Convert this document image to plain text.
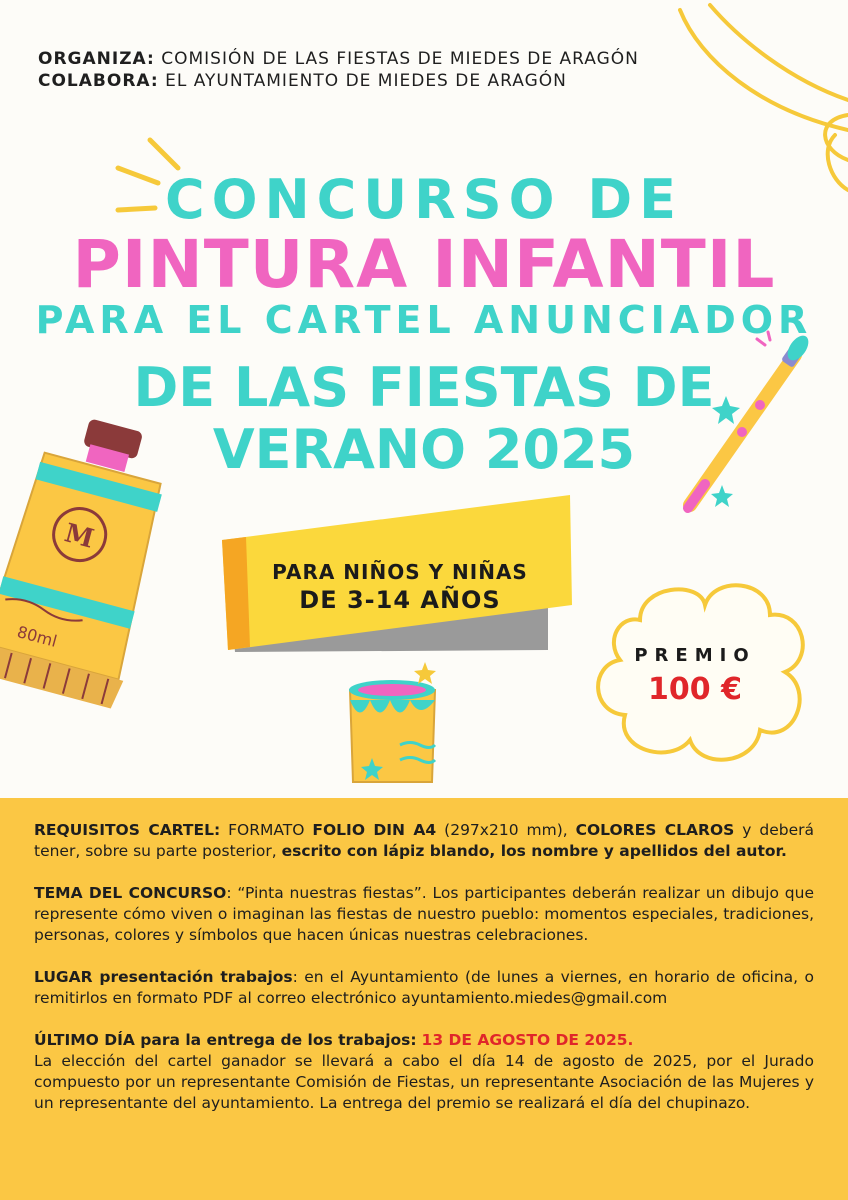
ORGANIZA: COMISIÓN DE LAS FIESTAS DE MIEDES DE ARAGÓN
COLABORA: EL AYUNTAMIENTO DE MIEDES DE ARAGÓN
CONCURSO DE
PINTURA INFANTIL
PARA EL CARTEL ANUNCIADOR
DE LAS FIESTAS DE
VERANO 2025
M
80ml
PARA NIÑOS Y NIÑAS
DE 3-14 AÑOS
PREMIO
100 €

REQUISITOS CARTEL: FORMATO FOLIO DIN A4 (297x210 mm), COLORES CLAROS y deberá tener, sobre su parte posterior, escrito con lápiz blando, los nombre y apellidos del autor.

TEMA DEL CONCURSO: “Pinta nuestras fiestas”. Los participantes deberán realizar un dibujo que represente cómo viven o imaginan las fiestas de nuestro pueblo: momentos especiales, tradiciones, personas, colores y símbolos que hacen únicas nuestras celebraciones.

LUGAR presentación trabajos: en el Ayuntamiento (de lunes a viernes, en horario de oficina, o remitirlos en formato PDF al correo electrónico ayuntamiento.miedes@gmail.com

ÚLTIMO DÍA para la entrega de los trabajos: 13 DE AGOSTO DE 2025.
La elección del cartel ganador se llevará a cabo el día 14 de agosto de 2025, por el Jurado compuesto por un representante Comisión de Fiestas, un representante Asociación de las Mujeres y un representante del ayuntamiento. La entrega del premio se realizará el día del chupinazo.
